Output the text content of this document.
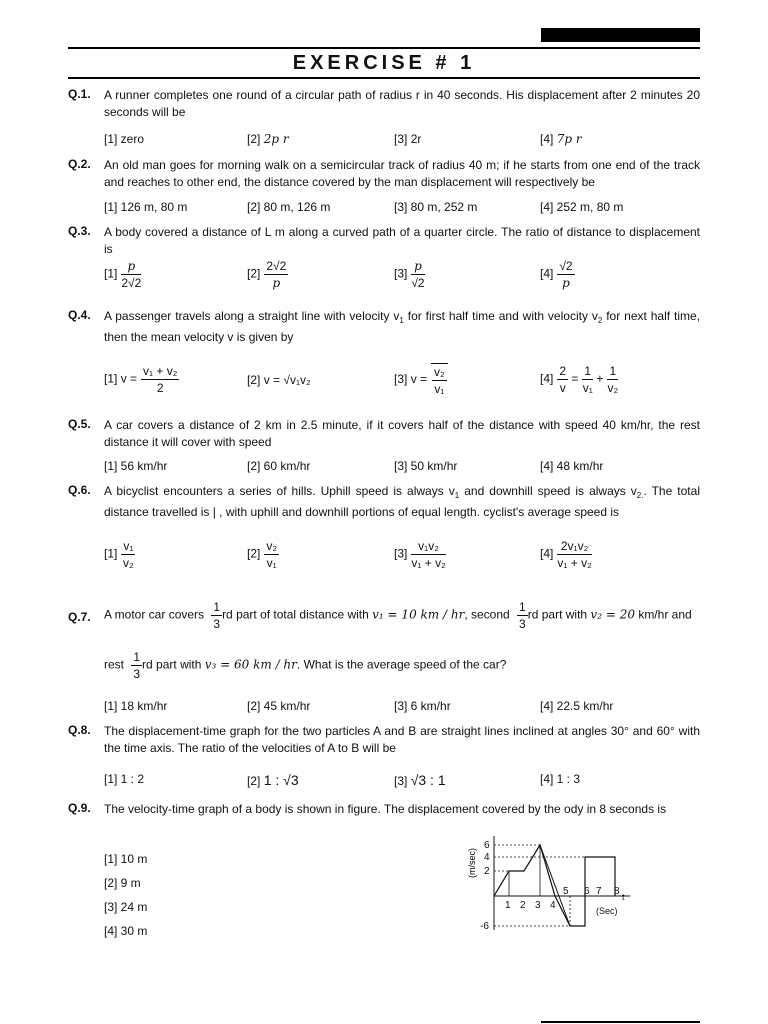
EXERCISE # 1
Q.1. A runner completes one round of a circular path of radius r in 40 seconds. His displacement after 2 minutes 20 seconds will be
[1] zero	[2] 2p r	[3] 2r	[4] 7p r
Q.2. An old man goes for morning walk on a semicircular track of radius 40 m; if he starts from one end of the track and reaches to other end, the distance covered by the man displacement will respectively be
[1] 126 m, 80 m	[2] 80 m, 126 m	[3] 80 m, 252 m	[4] 252 m, 80 m
Q.3. A body covered a distance of L m along a curved path of a quarter circle. The ratio of distance to displacement is
$[1] \frac{p}{2√2}$	$[2] \frac{2√2}{p}$	$[3] \frac{p}{√2}$	$[4] \frac{√2}{p}$
Q.4. A passenger travels along a straight line with velocity $v_1$ for first half time and with velocity $v_2$ for next half time, then the mean velocity v is given by
[1] $v = \frac{\text{v₁ + v₂}}{2}$	[2] v = √v₁v₂	[3] $v = \frac{\text{v₂}}{\text{v₁}}$	$[4] \frac{2}{v} = \frac{1}{\text{v₁}} + \frac{1}{\text{v₂}}$
Q.5. A car covers a distance of 2 km in 2.5 minute, if it covers half of the distance with speed 40 km/hr, the rest distance it will cover with speed
[1] 56 km/hr	[2] 60 km/hr	[3] 50 km/hr	[4] 48 km/hr
Q.6. A bicyclist encounters a series of hills. Uphill speed is always $v_1$ and downhill speed is always $v_{2.}$. The total distance travelled is | , with uphill and downhill portions of equal length. cyclist's average speed is
$[1] \frac{\text{v₁}}{\text{v₂}}$	$[2] \frac{\text{v₂}}{\text{v₁}}$	$[3] \frac{\text{v₁v₂}}{\text{v₁ + v₂}}$	$[4] \frac{\text{2v₁v₂}}{\text{v₁ + v₂}}$
Q.7. A motor car covers $\frac{1}{3}$ rd part of total distance with v₁ = 10 km / hr, second $\frac{1}{3}$ rd part with v₂ = 20 km/hr and
rest $\frac{1}{3}$ rd part with v₃ = 60 km / hr. What is the average speed of the car?
[1] 18 km/hr	[2] 45 km/hr	[3] 6 km/hr	[4] 22.5 km/hr
Q.8. The displacement-time graph for the two particles A and B are straight lines inclined at angles 30° and 60° with the time axis. The ratio of the velocities of A to B will be
[1] 1 : 2	[2] 1 : √3	[3] √3 : 1	[4] 1 : 3
Q.9. The velocity-time graph of a body is shown in figure. The displacement covered by the ody in 8 seconds is
[1] 10 m
[2] 9 m
[3] 24 m
[4] 30 m
(m/sec)
6
4
2
-6
1 2 3 4
5 6 7 8 t
(Sec)
